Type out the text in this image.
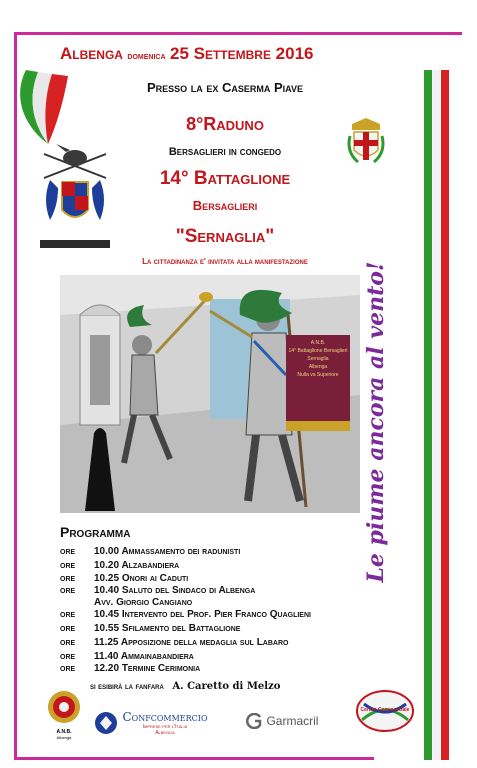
Albenga domenica 25 Settembre 2016
Presso la ex Caserma Piave
8°Raduno
Bersaglieri in congedo
14° Battaglione
Bersaglieri
"Sernaglia"
La cittadinanza e' invitata alla manifestazione
A.N.B.
14° Battaglione Bersaglieri Sernaglia
Albenga
Nulla va Superiore	Le piume ancora al vento!
Programma
ore 10.00 Ammassamento dei radunisti
ore 10.20 Alzabandiera
ore 10.25 Onori ai Caduti
ore 10.40 Saluto del Sindaco di Albenga
Avv. Giorgio Cangiano
ore 10.45 Intervento del Prof. Pier Franco Quaglieni
ore 10.55 Sfilamento del Battaglione
ore 11.25 Apposizione della medaglia sul Labaro
ore 11.40 Ammainabandiera
ore 12.20 Termine Cerimonia
si esibirà la fanfara A. Caretto di Melzo
A.N.B.
Albenga

Confcommercio
Imprese per l'Italia
Albenga
Garmacril
Centro Commerciale
